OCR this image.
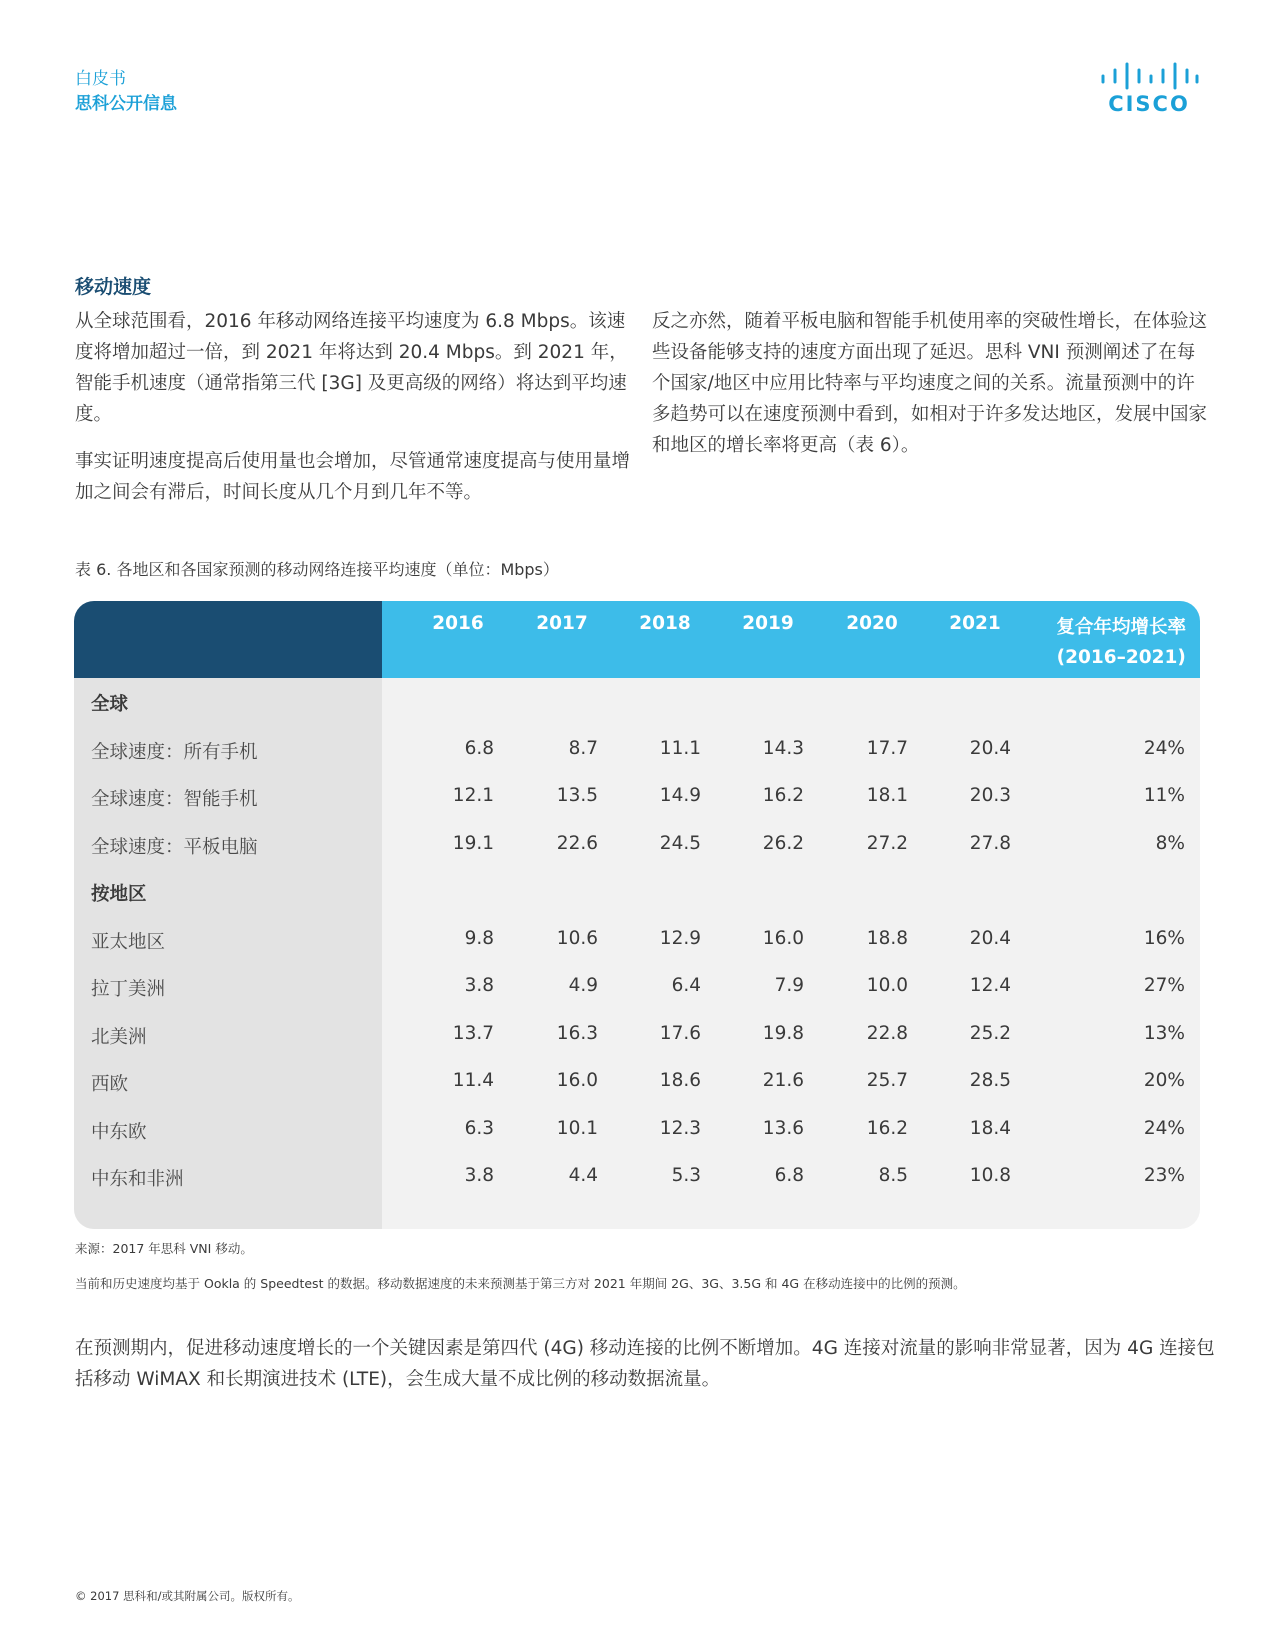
白皮书
思科公开信息	CISCO
移动速度

从全球范围看，2016 年移动网络连接平均速度为 6.8 Mbps。该速度将增加超过一倍，到 2021 年将达到 20.4 Mbps。到 2021 年，智能手机速度（通常指第三代 [3G] 及更高级的网络）将达到平均速度。

事实证明速度提高后使用量也会增加，尽管通常速度提高与使用量增加之间会有滞后，时间长度从几个月到几年不等。

反之亦然，随着平板电脑和智能手机使用率的突破性增长，在体验这些设备能够支持的速度方面出现了延迟。思科 VNI 预测阐述了在每个国家/地区中应用比特率与平均速度之间的关系。流量预测中的许多趋势可以在速度预测中看到，如相对于许多发达地区，发展中国家和地区的增长率将更高（表 6）。

表 6. 各地区和各国家预测的移动网络连接平均速度（单位：Mbps）
2016	2017	2018	2019	2020	2021	复合年均增长率
(2016–2021)
全球
全球速度：所有手机	6.8	8.7	11.1	14.3	17.7	20.4	24%
全球速度：智能手机	12.1	13.5	14.9	16.2	18.1	20.3	11%
全球速度：平板电脑	19.1	22.6	24.5	26.2	27.2	27.8	8%
按地区
亚太地区	9.8	10.6	12.9	16.0	18.8	20.4	16%
拉丁美洲	3.8	4.9	6.4	7.9	10.0	12.4	27%
北美洲	13.7	16.3	17.6	19.8	22.8	25.2	13%
西欧	11.4	16.0	18.6	21.6	25.7	28.5	20%
中东欧	6.3	10.1	12.3	13.6	16.2	18.4	24%
中东和非洲	3.8	4.4	5.3	6.8	8.5	10.8	23%
来源：2017 年思科 VNI 移动。
当前和历史速度均基于 Ookla 的 Speedtest 的数据。移动数据速度的未来预测基于第三方对 2021 年期间 2G、3G、3.5G 和 4G 在移动连接中的比例的预测。

在预测期内，促进移动速度增长的一个关键因素是第四代 (4G) 移动连接的比例不断增加。4G 连接对流量的影响非常显著，因为 4G 连接包括移动 WiMAX 和长期演进技术 (LTE)，会生成大量不成比例的移动数据流量。

© 2017 思科和/或其附属公司。版权所有。
